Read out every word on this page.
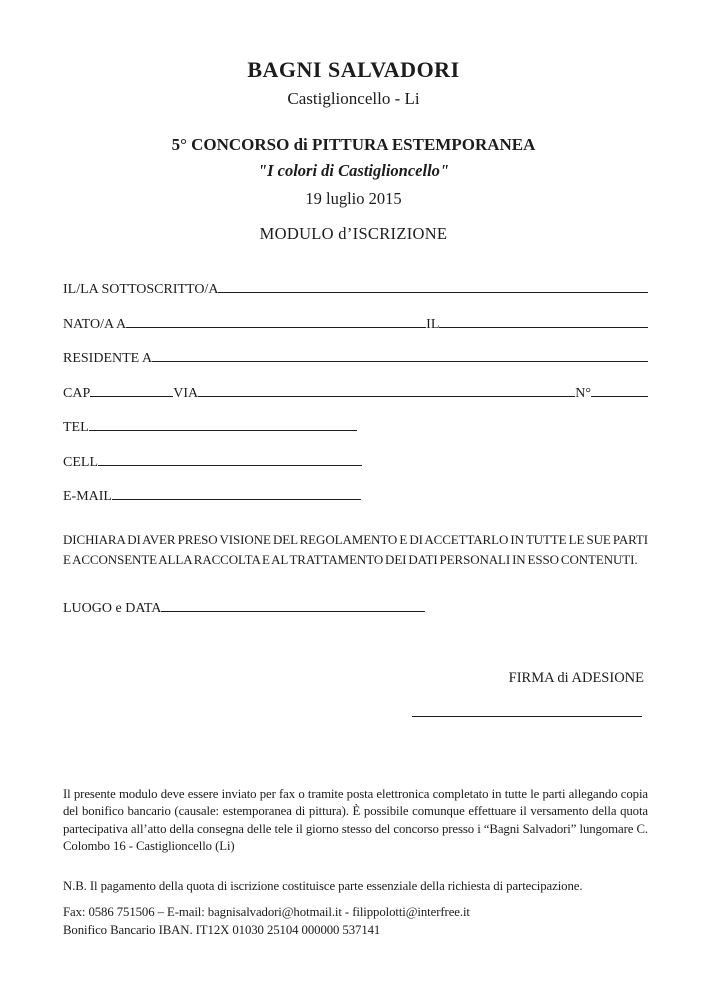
BAGNI SALVADORI
Castiglioncello - Li
5° CONCORSO di PITTURA ESTEMPORANEA
"I colori di Castiglioncello"
19 luglio 2015
MODULO d’ISCRIZIONE
IL/LA SOTTOSCRITTO/A
NATO/A A	IL
RESIDENTE A
CAP	VIA	N°
TEL
CELL
E-MAIL
DICHIARA DI AVER PRESO VISIONE DEL REGOLAMENTO E DI ACCETTARLO IN TUTTE LE SUE PARTI E ACCONSENTE ALLA RACCOLTA E AL TRATTAMENTO DEI DATI PERSONALI IN ESSO CONTENUTI.
LUOGO e DATA
FIRMA di ADESIONE
Il presente modulo deve essere inviato per fax o tramite posta elettronica completato in tutte le parti allegando copia del bonifico bancario (causale: estemporanea di pittura). È possibile comunque effettuare il versamento della quota partecipativa all’atto della consegna delle tele il giorno stesso del concorso presso i “Bagni Salvadori” lungomare C. Colombo 16 - Castiglioncello (Li)
N.B. Il pagamento della quota di iscrizione costituisce parte essenziale della richiesta di partecipazione.
Fax: 0586 751506 – E-mail: bagnisalvadori@hotmail.it - filippolotti@interfree.it
Bonifico Bancario IBAN. IT12X 01030 25104 000000 537141
